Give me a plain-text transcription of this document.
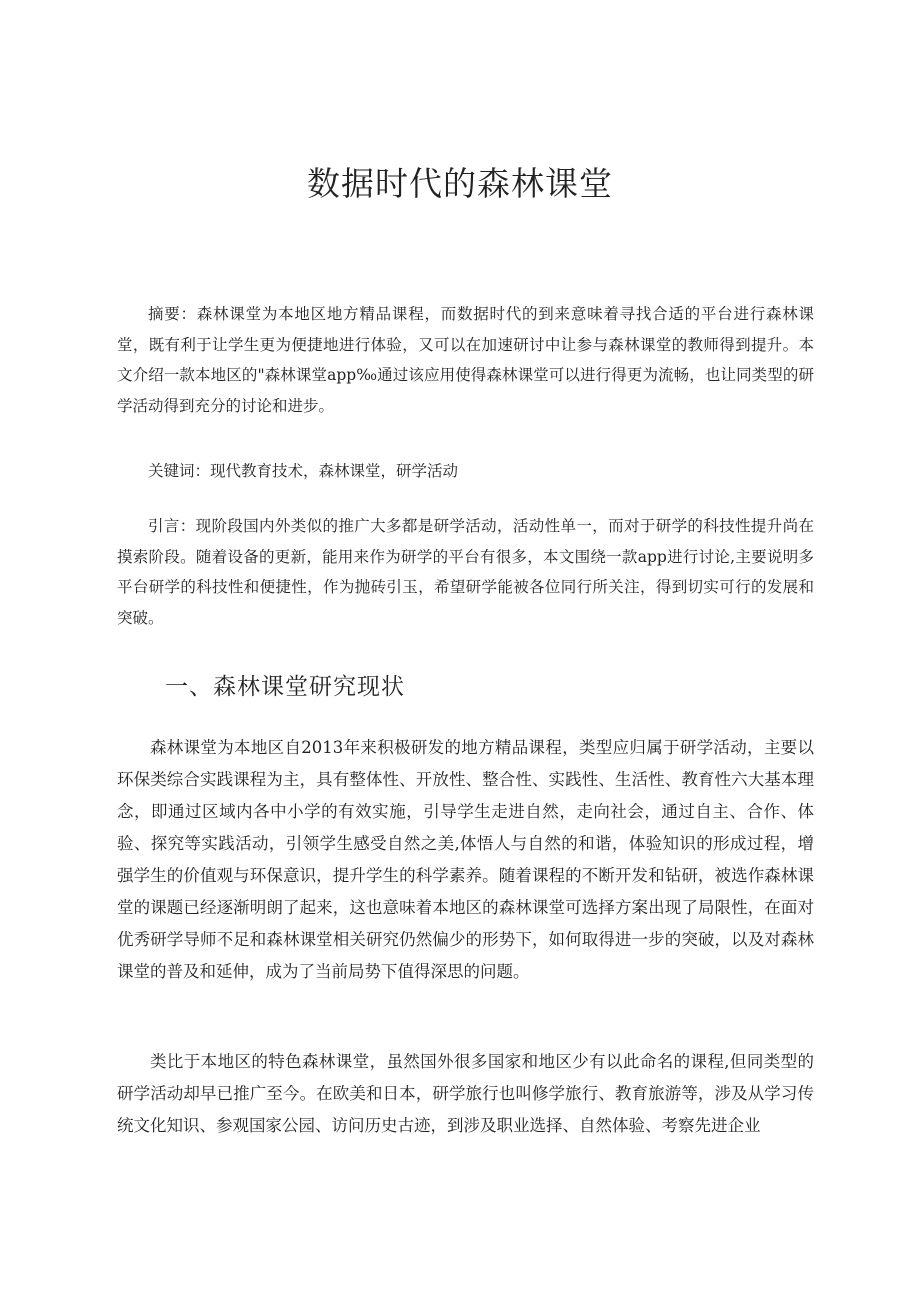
数据时代的森林课堂

摘要：森林课堂为本地区地方精品课程，而数据时代的到来意味着寻找合适的平台进行森林课堂，既有利于让学生更为便捷地进行体验，又可以在加速研讨中让参与森林课堂的教师得到提升。本文介绍一款本地区的"森林课堂app‰通过该应用使得森林课堂可以进行得更为流畅，也让同类型的研学活动得到充分的讨论和进步。

关键词：现代教育技术，森林课堂，研学活动

引言：现阶段国内外类似的推广大多都是研学活动，活动性单一，而对于研学的科技性提升尚在摸索阶段。随着设备的更新，能用来作为研学的平台有很多，本文围绕一款app进行讨论,主要说明多平台研学的科技性和便捷性，作为抛砖引玉，希望研学能被各位同行所关注，得到切实可行的发展和突破。

一、森林课堂研究现状

森林课堂为本地区自2013年来积极研发的地方精品课程，类型应归属于研学活动，主要以环保类综合实践课程为主，具有整体性、开放性、整合性、实践性、生活性、教育性六大基本理念，即通过区域内各中小学的有效实施，引导学生走进自然，走向社会，通过自主、合作、体验、探究等实践活动，引领学生感受自然之美,体悟人与自然的和谐，体验知识的形成过程，增强学生的价值观与环保意识，提升学生的科学素养。随着课程的不断开发和钻研，被选作森林课堂的课题已经逐渐明朗了起来，这也意味着本地区的森林课堂可选择方案出现了局限性，在面对优秀研学导师不足和森林课堂相关研究仍然偏少的形势下，如何取得进一步的突破，以及对森林课堂的普及和延伸，成为了当前局势下值得深思的问题。

类比于本地区的特色森林课堂，虽然国外很多国家和地区少有以此命名的课程,但同类型的研学活动却早已推广至今。在欧美和日本，研学旅行也叫修学旅行、教育旅游等，涉及从学习传统文化知识、参观国家公园、访问历史古迹，到涉及职业选择、自然体验、考察先进企业
